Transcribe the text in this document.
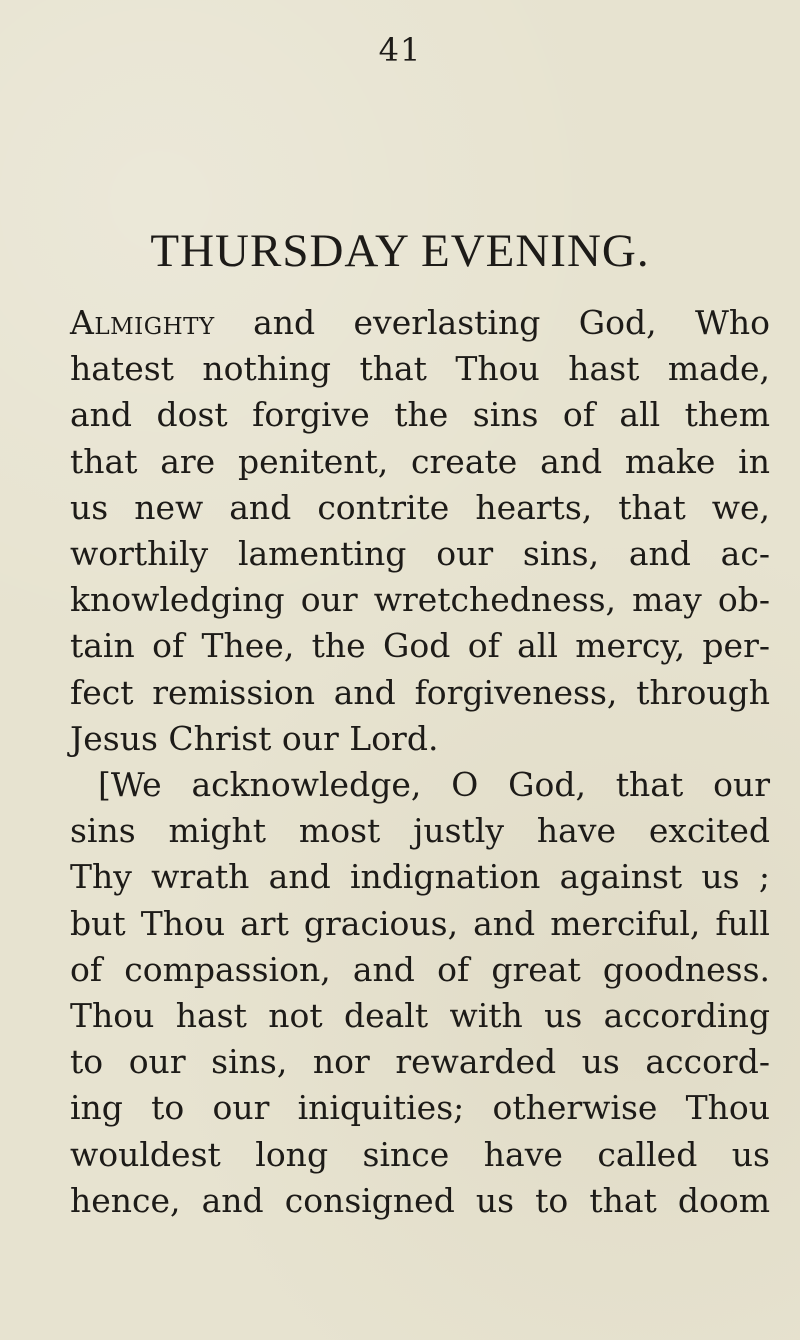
41
THURSDAY EVENING.
Almighty and everlasting God, Who
hatest nothing that Thou hast made,
and dost forgive the sins of all them
that are penitent, create and make in
us new and contrite hearts, that we,
worthily lamenting our sins, and ac-
knowledging our wretchedness, may ob-
tain of Thee, the God of all mercy, per-
fect remission and forgiveness, through
Jesus Christ our Lord.
[We acknowledge, O God, that our
sins might most justly have excited
Thy wrath and indignation against us ;
but Thou art gracious, and merciful, full
of compassion, and of great goodness.
Thou hast not dealt with us according
to our sins, nor rewarded us accord-
ing to our iniquities; otherwise Thou
wouldest long since have called us
hence, and consigned us to that doom
